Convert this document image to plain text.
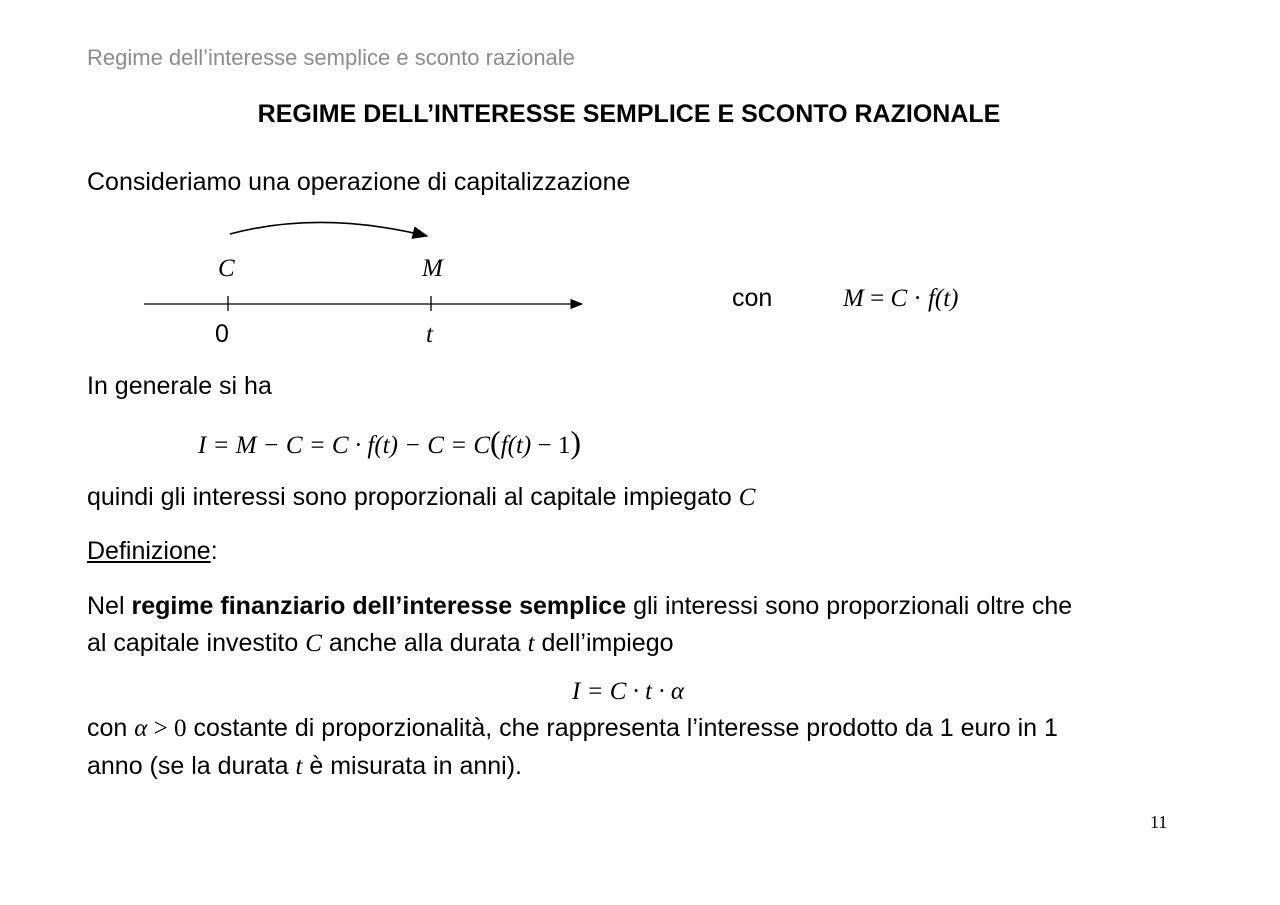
Regime dell’interesse semplice e sconto razionale
REGIME DELL’INTERESSE SEMPLICE E SCONTO RAZIONALE
Consideriamo una operazione di capitalizzazione
C	M
0	t
con	M = C · f(t)
In generale si ha
I = M − C = C · f(t) − C = C(f(t) − 1)
quindi gli interessi sono proporzionali al capitale impiegato C
Definizione:
Nel regime finanziario dell’interesse semplice gli interessi sono proporzionali oltre che
al capitale investito C anche alla durata t dell’impiego
I = C · t · α
con α > 0 costante di proporzionalità, che rappresenta l’interesse prodotto da 1 euro in 1
anno (se la durata t è misurata in anni).
11
